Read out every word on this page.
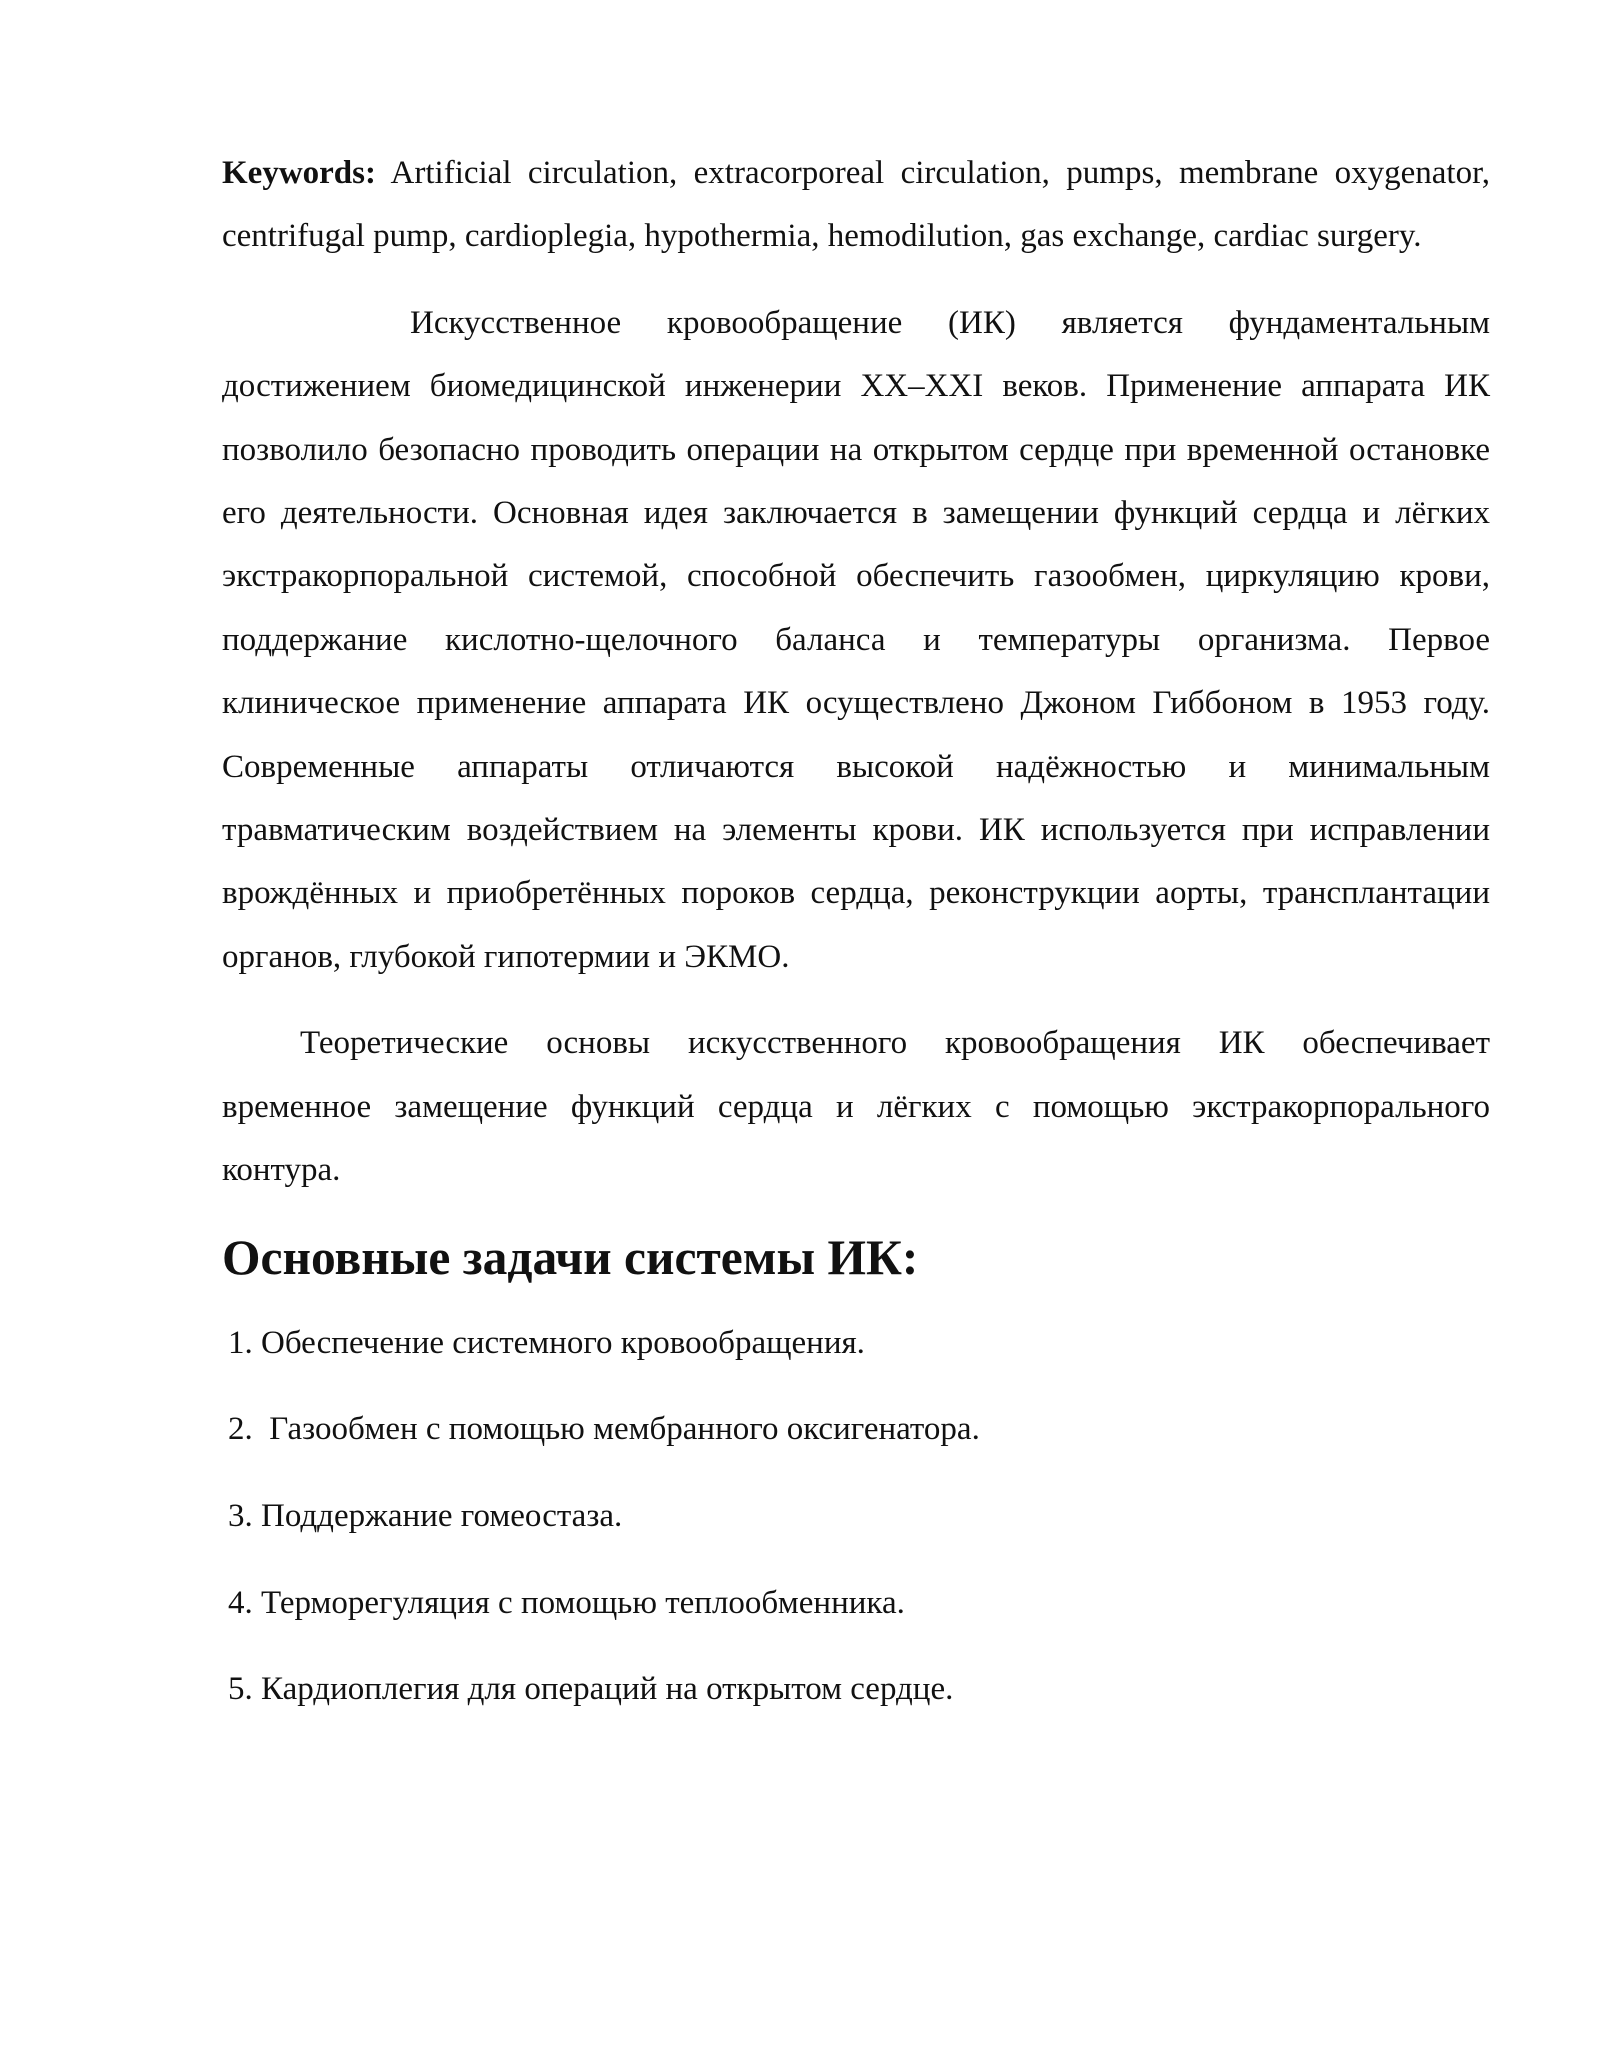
Keywords: Artificial circulation, extracorporeal circulation, pumps, membrane oxygenator, centrifugal pump, cardioplegia, hypothermia, hemodilution, gas exchange, cardiac surgery.

Искусственное кровообращение (ИК) является фундаментальным достижением биомедицинской инженерии XX–XXI веков. Применение аппарата ИК позволило безопасно проводить операции на открытом сердце при временной остановке его деятельности. Основная идея заключается в замещении функций сердца и лёгких экстракорпоральной системой, способной обеспечить газообмен, циркуляцию крови, поддержание кислотно-щелочного баланса и температуры организма. Первое клиническое применение аппарата ИК осуществлено Джоном Гиббоном в 1953 году. Современные аппараты отличаются высокой надёжностью и минимальным травматическим воздействием на элементы крови. ИК используется при исправлении врождённых и приобретённых пороков сердца, реконструкции аорты, трансплантации органов, глубокой гипотермии и ЭКМО.

Теоретические основы искусственного кровообращения ИК обеспечивает временное замещение функций сердца и лёгких с помощью экстракорпорального контура.

Основные задачи системы ИК:
1. Обеспечение системного кровообращения.
2.  Газообмен с помощью мембранного оксигенатора.
3. Поддержание гомеостаза.
4. Терморегуляция с помощью теплообменника.
5. Кардиоплегия для операций на открытом сердце.
